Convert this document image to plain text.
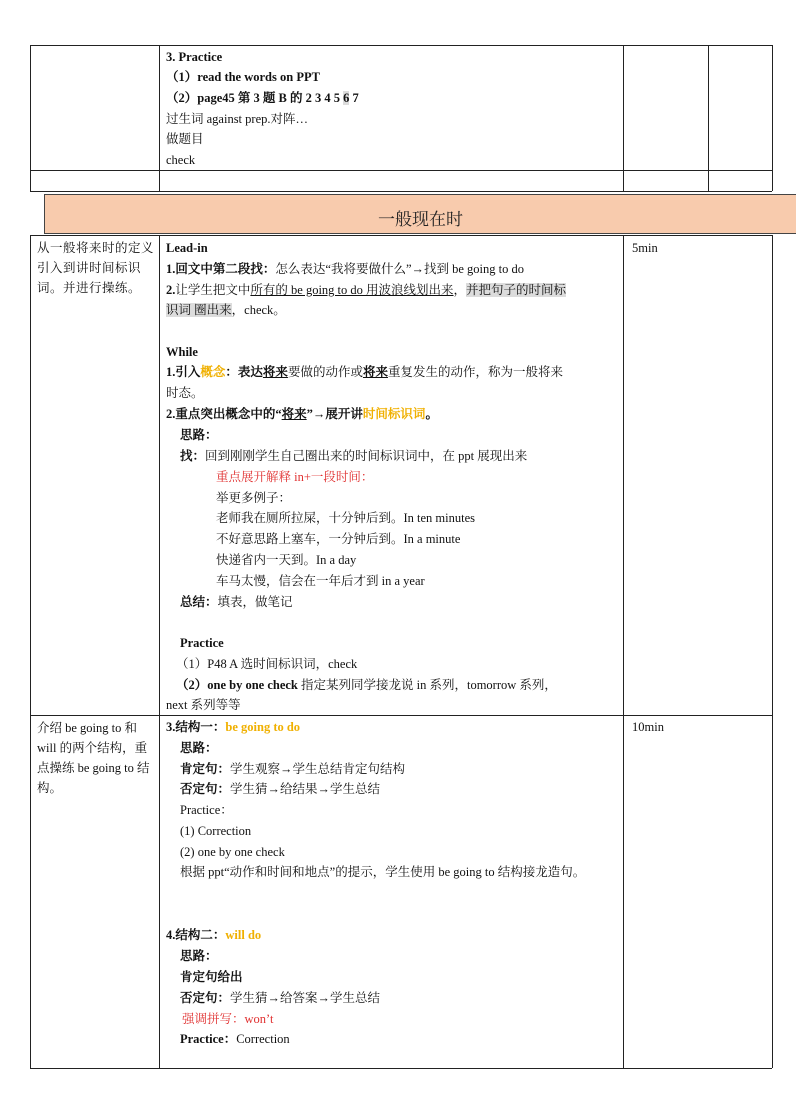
一般现在时
3. Practice
（1）read the words on PPT
（2）page45 第 3 题 B 的 2 3 4 5 6 7
过生词 against prep.对阵…
做题目
check
从一般将来时的定义引入到讲时间标识词。并进行操练。
5min
Lead-in
1.回文中第二段找：怎么表达“我将要做什么”→找到 be going to do
2.让学生把文中所有的 be going to do 用波浪线划出来，并把句子的时间标
识词 圈出来，check。
While
1.引入概念：表达将来要做的动作或将来重复发生的动作，称为一般将来
时态。
2.重点突出概念中的“将来”→展开讲时间标识词。
思路：
找：回到刚刚学生自己圈出来的时间标识词中，在 ppt 展现出来
重点展开解释 in+一段时间：
举更多例子：
老师我在厕所拉屎，十分钟后到。In ten minutes
不好意思路上塞车，一分钟后到。In a minute
快递省内一天到。In a day
车马太慢，信会在一年后才到 in a year
总结：填表，做笔记
Practice
（1）P48 A 选时间标识词，check
（2）one by one check 指定某列同学接龙说 in 系列，tomorrow 系列，
next 系列等等
介绍 be going to 和 will 的两个结构，重点操练 be going to 结构。
10min
3.结构一：be going to do
思路：
肯定句：学生观察→学生总结肯定句结构
否定句：学生猜→给结果→学生总结
Practice：
(1) Correction
(2) one by one check
根据 ppt“动作和时间和地点”的提示，学生使用 be going to 结构接龙造句。
4.结构二：will do
思路：
肯定句给出
否定句：学生猜→给答案→学生总结
强调拼写：won’t
Practice：Correction
